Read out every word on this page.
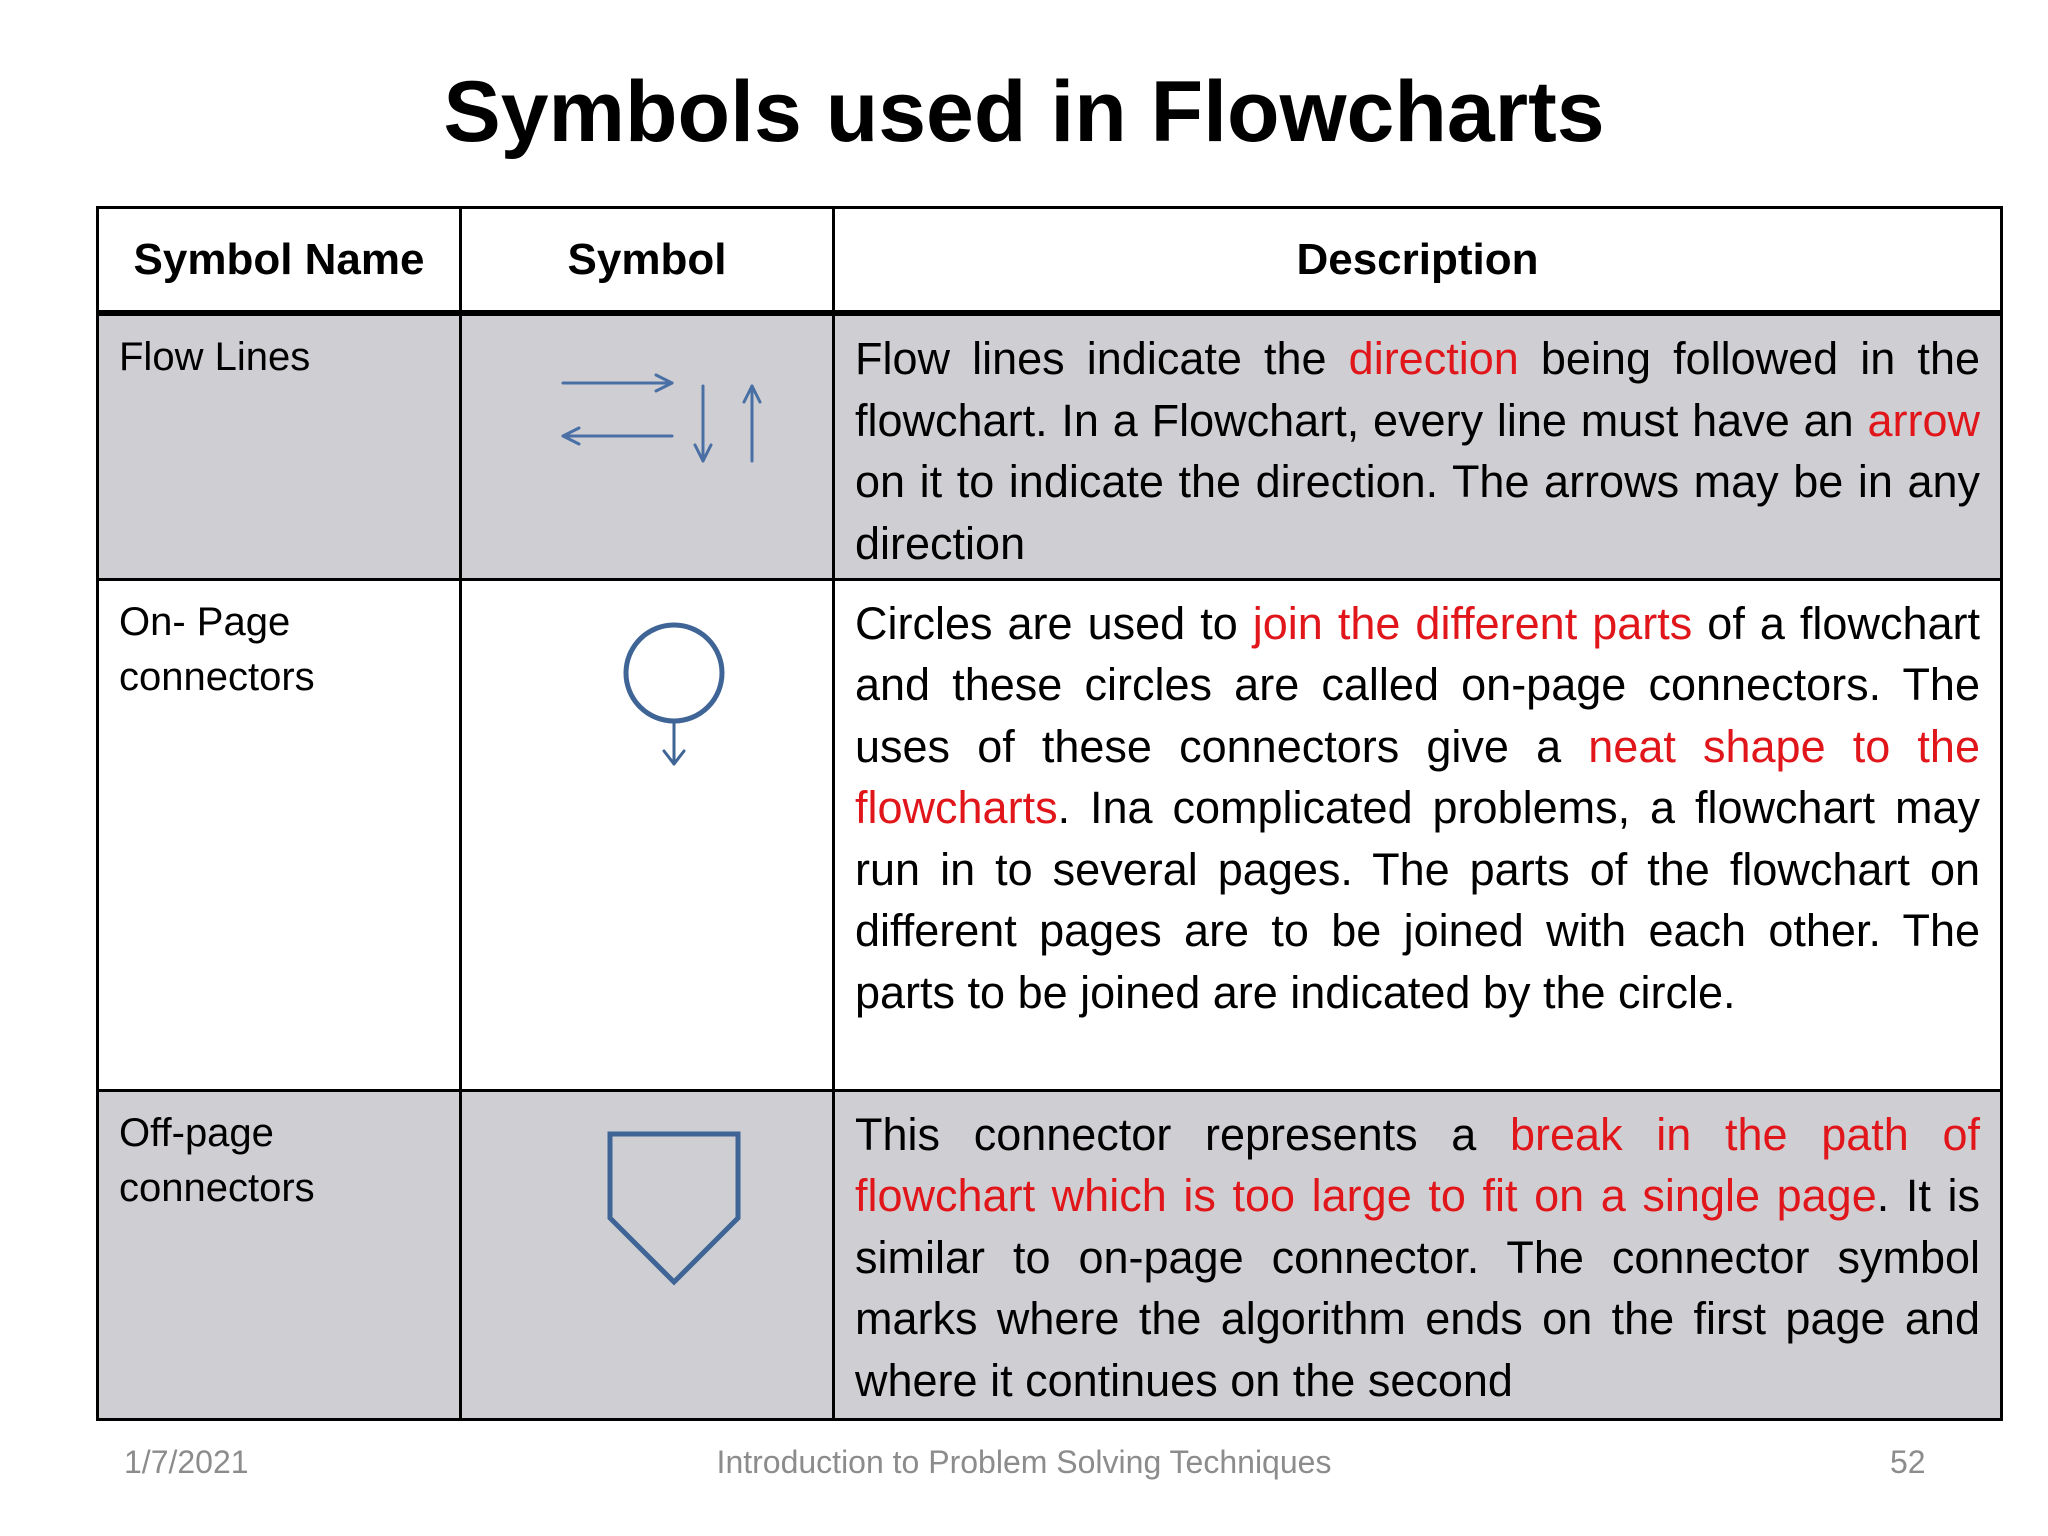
Symbols used in Flowcharts
Symbol Name	Symbol	Description

Flow Lines		Flow lines indicate the direction being followed in the flowchart. In a Flowchart, every line must have an arrow on it to indicate the direction. The arrows may be in any direction

On- Page connectors		Circles are used to join the different parts of a flowchart and these circles are called on-page connectors. The uses of these connectors give a neat shape to the flowcharts. Ina complicated problems, a flowchart may run in to several pages. The parts of the flowchart on different pages are to be joined with each other. The parts to be joined are indicated by the circle.

Off-page connectors		This connector represents a break in the path of flowchart which is too large to fit on a single page. It is similar to on-page connector. The connector symbol marks where the algorithm ends on the first page and where it continues on the second
1/7/2021	Introduction to Problem Solving Techniques	52
